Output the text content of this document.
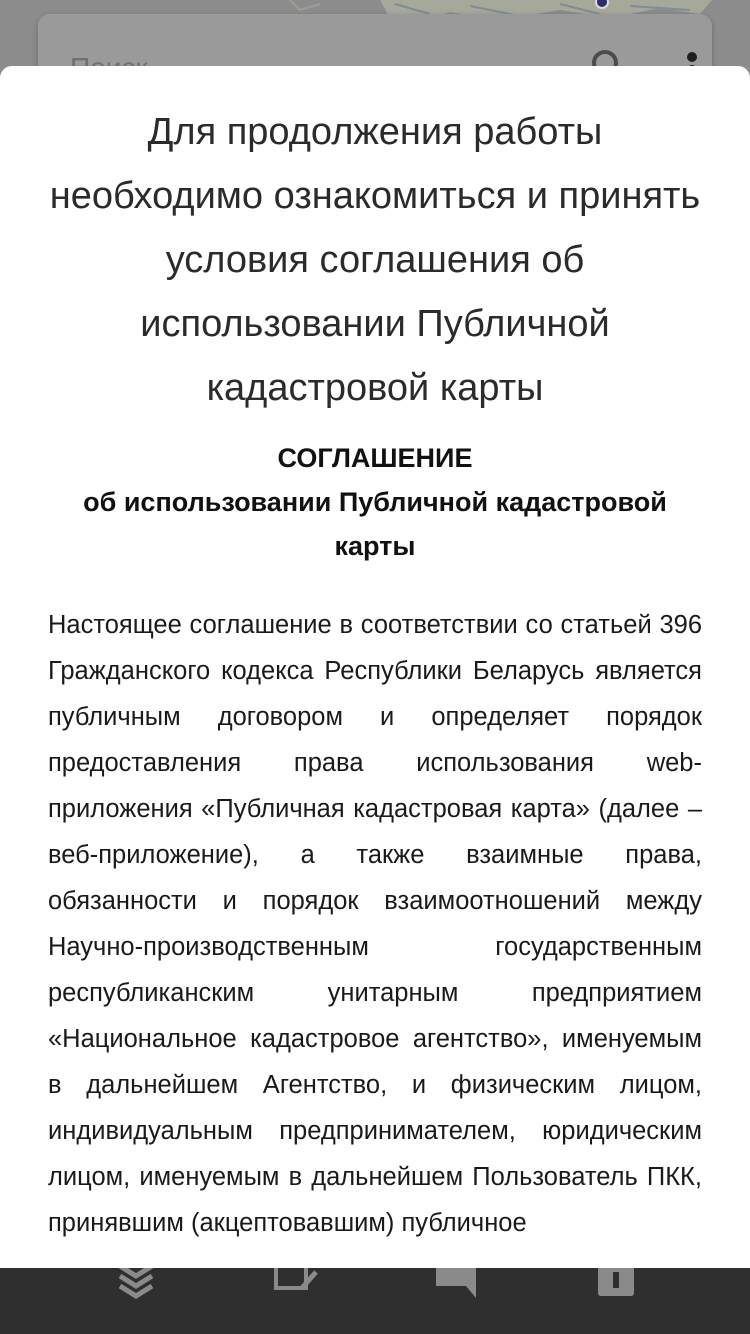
Поиск
Для продолжения работы необходимо ознакомиться и принять условия соглашения об использовании Публичной кадастровой карты
СОГЛАШЕНИЕ
об использовании Публичной кадастровой карты

Настоящее соглашение в соответствии со статьей 396 Гражданского кодекса Республики Беларусь является публичным договором и определяет порядок предоставления права использования web-приложения «Публичная кадастровая карта» (далее – веб-приложение), а также взаимные права, обязанности и порядок взаимоотношений между Научно-производственным государственным республиканским унитарным предприятием «Национальное кадастровое агентство», именуемым в дальнейшем Агентство, и физическим лицом, индивидуальным предпринимателем, юридическим лицом, именуемым в дальнейшем Пользователь ПКК, принявшим (акцептовавшим) публичное
